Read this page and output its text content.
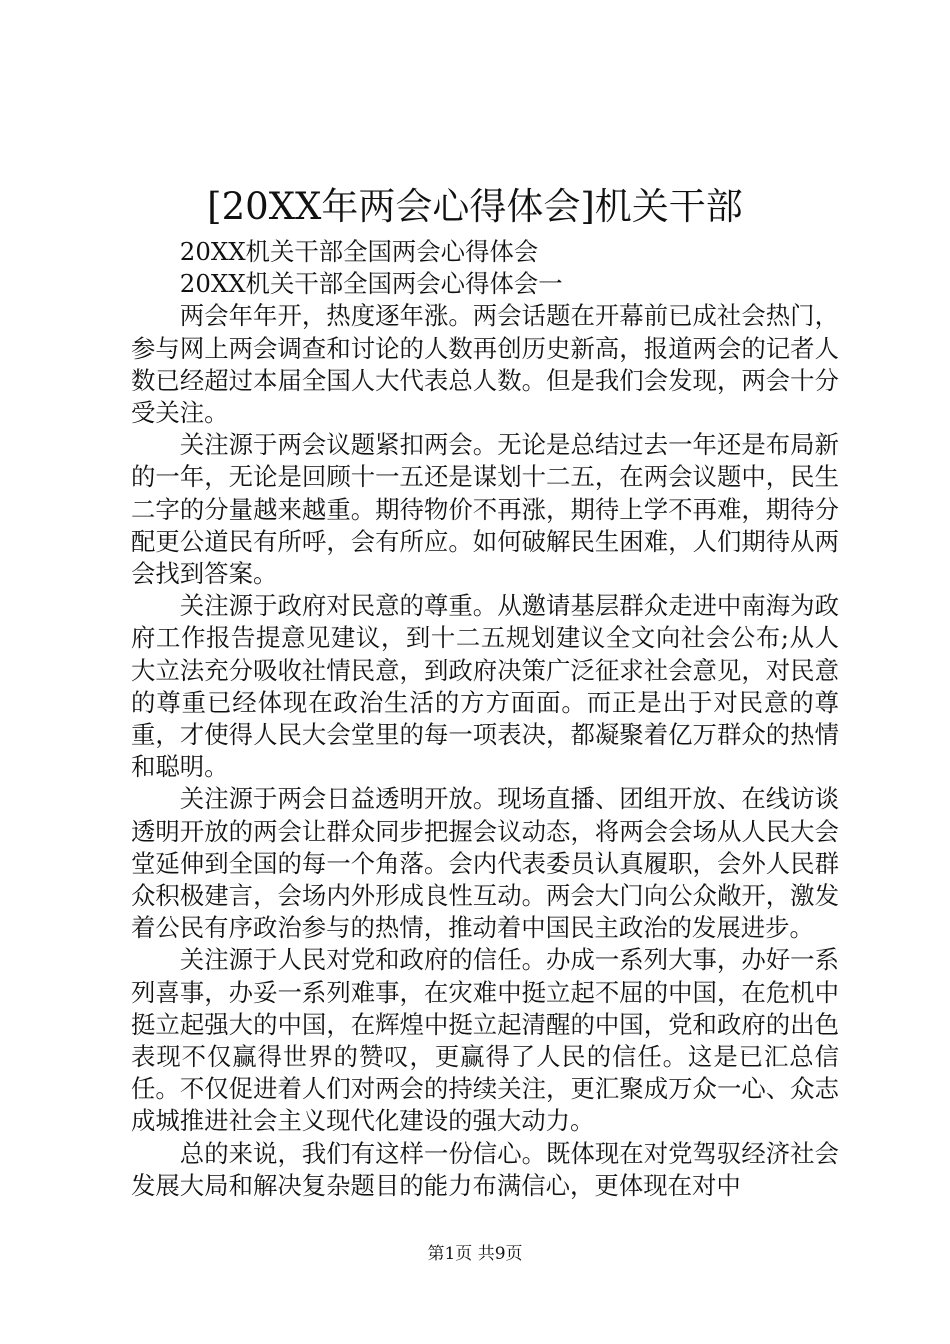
[20XX年两会心得体会]机关干部

20XX机关干部全国两会心得体会

20XX机关干部全国两会心得体会一

两会年年开，热度逐年涨。两会话题在开幕前已成社会热门，参与网上两会调查和讨论的人数再创历史新高，报道两会的记者人数已经超过本届全国人大代表总人数。但是我们会发现，两会十分受关注。

关注源于两会议题紧扣两会。无论是总结过去一年还是布局新的一年，无论是回顾十一五还是谋划十二五，在两会议题中，民生二字的分量越来越重。期待物价不再涨，期待上学不再难，期待分配更公道民有所呼，会有所应。如何破解民生困难，人们期待从两会找到答案。

关注源于政府对民意的尊重。从邀请基层群众走进中南海为政府工作报告提意见建议，到十二五规划建议全文向社会公布;从人大立法充分吸收社情民意，到政府决策广泛征求社会意见，对民意的尊重已经体现在政治生活的方方面面。而正是出于对民意的尊重，才使得人民大会堂里的每一项表决，都凝聚着亿万群众的热情和聪明。

关注源于两会日益透明开放。现场直播、团组开放、在线访谈透明开放的两会让群众同步把握会议动态，将两会会场从人民大会堂延伸到全国的每一个角落。会内代表委员认真履职，会外人民群众积极建言，会场内外形成良性互动。两会大门向公众敞开，激发着公民有序政治参与的热情，推动着中国民主政治的发展进步。

关注源于人民对党和政府的信任。办成一系列大事，办好一系列喜事，办妥一系列难事，在灾难中挺立起不屈的中国，在危机中挺立起强大的中国，在辉煌中挺立起清醒的中国，党和政府的出色表现不仅赢得世界的赞叹，更赢得了人民的信任。这是已汇总信任。不仅促进着人们对两会的持续关注，更汇聚成万众一心、众志成城推进社会主义现代化建设的强大动力。

总的来说，我们有这样一份信心。既体现在对党驾驭经济社会发展大局和解决复杂题目的能力布满信心，更体现在对中

第1页 共9页
